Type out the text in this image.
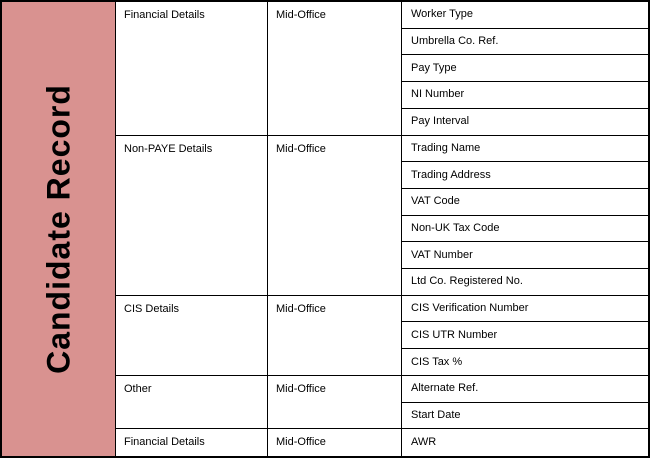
Candidate Record
Financial Details	Mid-Office	Worker Type
Umbrella Co. Ref.
Pay Type
NI Number
Pay Interval
Non-PAYE Details	Mid-Office	Trading Name
Trading Address
VAT Code
Non-UK Tax Code
VAT Number
Ltd Co. Registered No.
CIS Details	Mid-Office	CIS Verification Number
CIS UTR Number
CIS Tax %
Other	Mid-Office	Alternate Ref.
Start Date
Financial Details	Mid-Office	AWR
